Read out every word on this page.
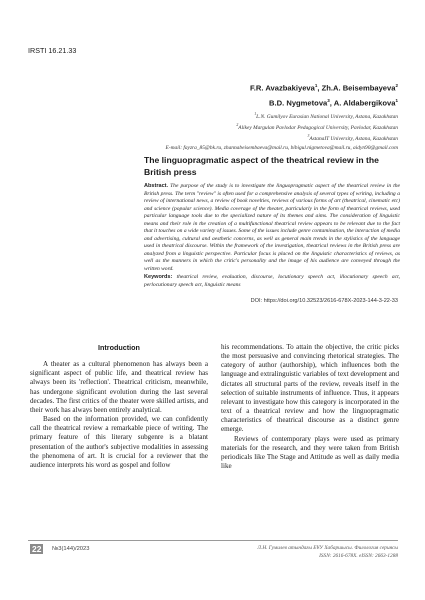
IRSTI 16.21.33
F.R. Avazbakiyeva$^1$, Zh.A. Beisembayeva$^2$
B.D. Nygmetova$^3$, A. Aldabergikova$^1$
$^1$L.N. Gumilyov Eurasian National University, Astana, Kazakhstan
$^2$Alikey Margulan Pavlodar Pedagogical University, Pavlodar, Kazakhstan
$^3$AstanaIT University, Astana, Kazakhstan
E-mail: fayzra_85@bk.ru, zhannabeisembaeva@mail.ru, bibigul.nigmetova@mail.ru, aidyn90@gmail.com
The linguopragmatic aspect of the theatrical review in the British press
Abstract. The purpose of the study is to investigate the linguopragmatic aspect of the theatrical review in the British press. The term "review" is often used for a comprehensive analysis of several types of writing, including a review of international news, a review of book novelties, reviews of various forms of art (theatrical, cinematic etc) and science (popular science). Media coverage of the theater, particularly in the form of theatrical reviews, used particular language tools due to the specialized nature of its themes and aims. The consideration of linguistic means and their role in the creation of a multifunctional theatrical review appears to be relevant due to the fact that it touches on a wide variety of issues. Some of the issues include genre contamination, the interaction of media and advertising, cultural and aesthetic concerns, as well as general main trends in the stylistics of the language used in theatrical discourse. Within the framework of the investigation, theatrical reviews in the British press are analyzed from a linguistic perspective. Particular focus is placed on the linguistic characteristics of reviews, as well as the manners in which the critic's personality and the image of his audience are conveyed through the written word.
Keywords: theatrical review, evaluation, discourse, locutionary speech act, illocutionary speech act, perlocutionary speech act, linguistic means
DOI: https://doi.org/10.32523/2616-678X-2023-144-3-22-33
Introduction

A theater as a cultural phenomenon has always been a significant aspect of public life, and theatrical review has always been its 'reflection'. Theatrical criticism, meanwhile, has undergone significant evolution during the last several decades. The first critics of the theater were skilled artists, and their work has always been entirely analytical.

Based on the information provided, we can confidently call the theatrical review a remarkable piece of writing. The primary feature of this literary subgenre is a blatant presentation of the author's subjective modalities in assessing the phenomena of art. It is crucial for a reviewer that the audience interprets his word as gospel and follow

his recommendations. To attain the objective, the critic picks the most persuasive and convincing rhetorical strategies. The category of author (authorship), which influences both the language and extralinguistic variables of text development and dictates all structural parts of the review, reveals itself in the selection of suitable instruments of influence. Thus, it appears relevant to investigate how this category is incorporated in the text of a theatrical review and how the linguopragmatic characteristics of theatrical discourse as a distinct genre emerge.

Reviews of contemporary plays were used as primary materials for the research, and they were taken from British periodicals like The Stage and Attitude as well as daily media like

22	№3(144)/2023	Л.Н. Гумилев атындағы ЕҰУ Хабаршысы. Филология сериясы
ISSN: 2616-678X. eISSN: 2663-1288
